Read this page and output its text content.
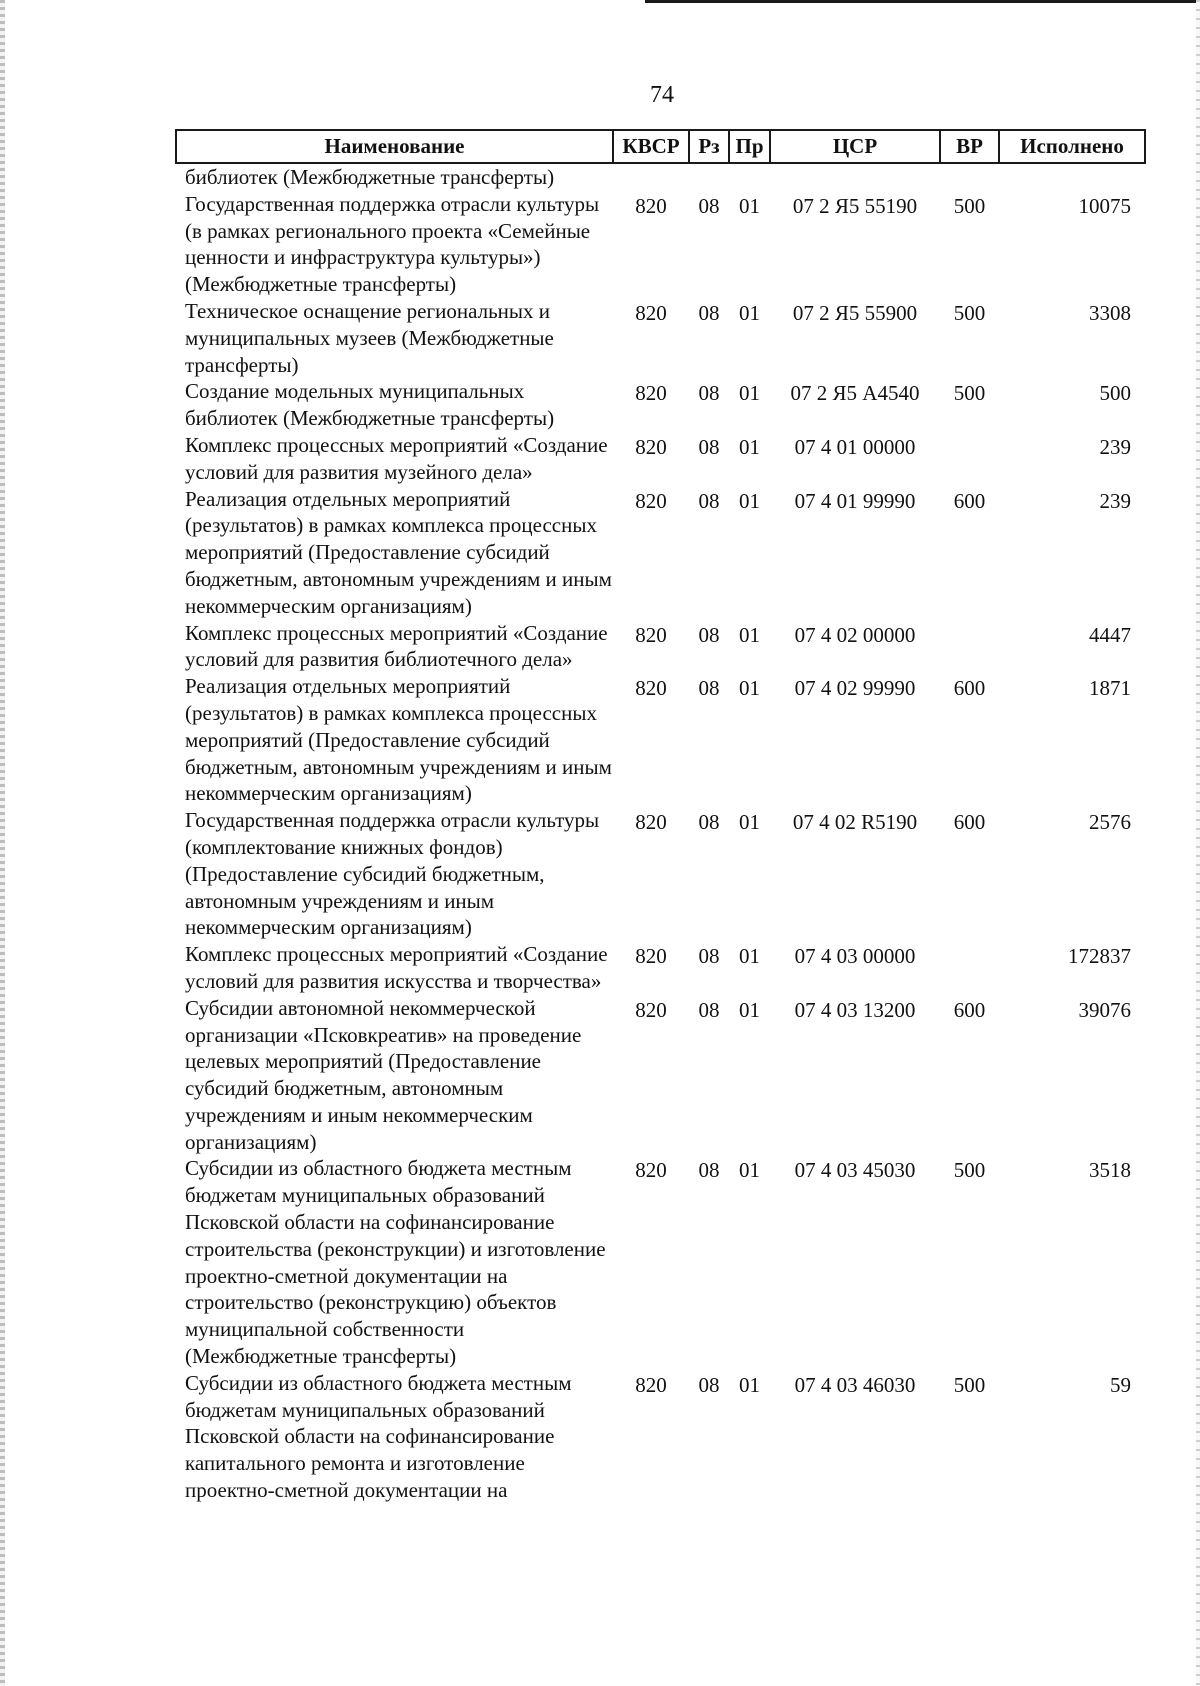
74
Наименование	КВСР	Рз	Пр	ЦСР	ВР	Исполнено
библиотек (Межбюджетные трансферты)						
Государственная поддержка отрасли культуры (в рамках регионального проекта «Семейные ценности и инфраструктура культуры») (Межбюджетные трансферты)	820	08	01	07 2 Я5 55190	500	10075
Техническое оснащение региональных и муниципальных музеев (Межбюджетные трансферты)	820	08	01	07 2 Я5 55900	500	3308
Создание модельных муниципальных библиотек (Межбюджетные трансферты)	820	08	01	07 2 Я5 А4540	500	500
Комплекс процессных мероприятий «Создание условий для развития музейного дела»	820	08	01	07 4 01 00000		239
Реализация отдельных мероприятий (результатов) в рамках комплекса процессных мероприятий (Предоставление субсидий бюджетным, автономным учреждениям и иным некоммерческим организациям)	820	08	01	07 4 01 99990	600	239
Комплекс процессных мероприятий «Создание условий для развития библиотечного дела»	820	08	01	07 4 02 00000		4447
Реализация отдельных мероприятий (результатов) в рамках комплекса процессных мероприятий (Предоставление субсидий бюджетным, автономным учреждениям и иным некоммерческим организациям)	820	08	01	07 4 02 99990	600	1871
Государственная поддержка отрасли культуры (комплектование книжных фондов) (Предоставление субсидий бюджетным, автономным учреждениям и иным некоммерческим организациям)	820	08	01	07 4 02 R5190	600	2576
Комплекс процессных мероприятий «Создание условий для развития искусства и творчества»	820	08	01	07 4 03 00000		172837
Субсидии автономной некоммерческой организации «Псковкреатив» на проведение целевых мероприятий (Предоставление субсидий бюджетным, автономным учреждениям и иным некоммерческим организациям)	820	08	01	07 4 03 13200	600	39076
Субсидии из областного бюджета местным бюджетам муниципальных образований Псковской области на софинансирование строительства (реконструкции) и изготовление проектно-сметной документации на строительство (реконструкцию) объектов муниципальной собственности (Межбюджетные трансферты)	820	08	01	07 4 03 45030	500	3518
Субсидии из областного бюджета местным бюджетам муниципальных образований Псковской области на софинансирование капитального ремонта и изготовление проектно-сметной документации на	820	08	01	07 4 03 46030	500	59
